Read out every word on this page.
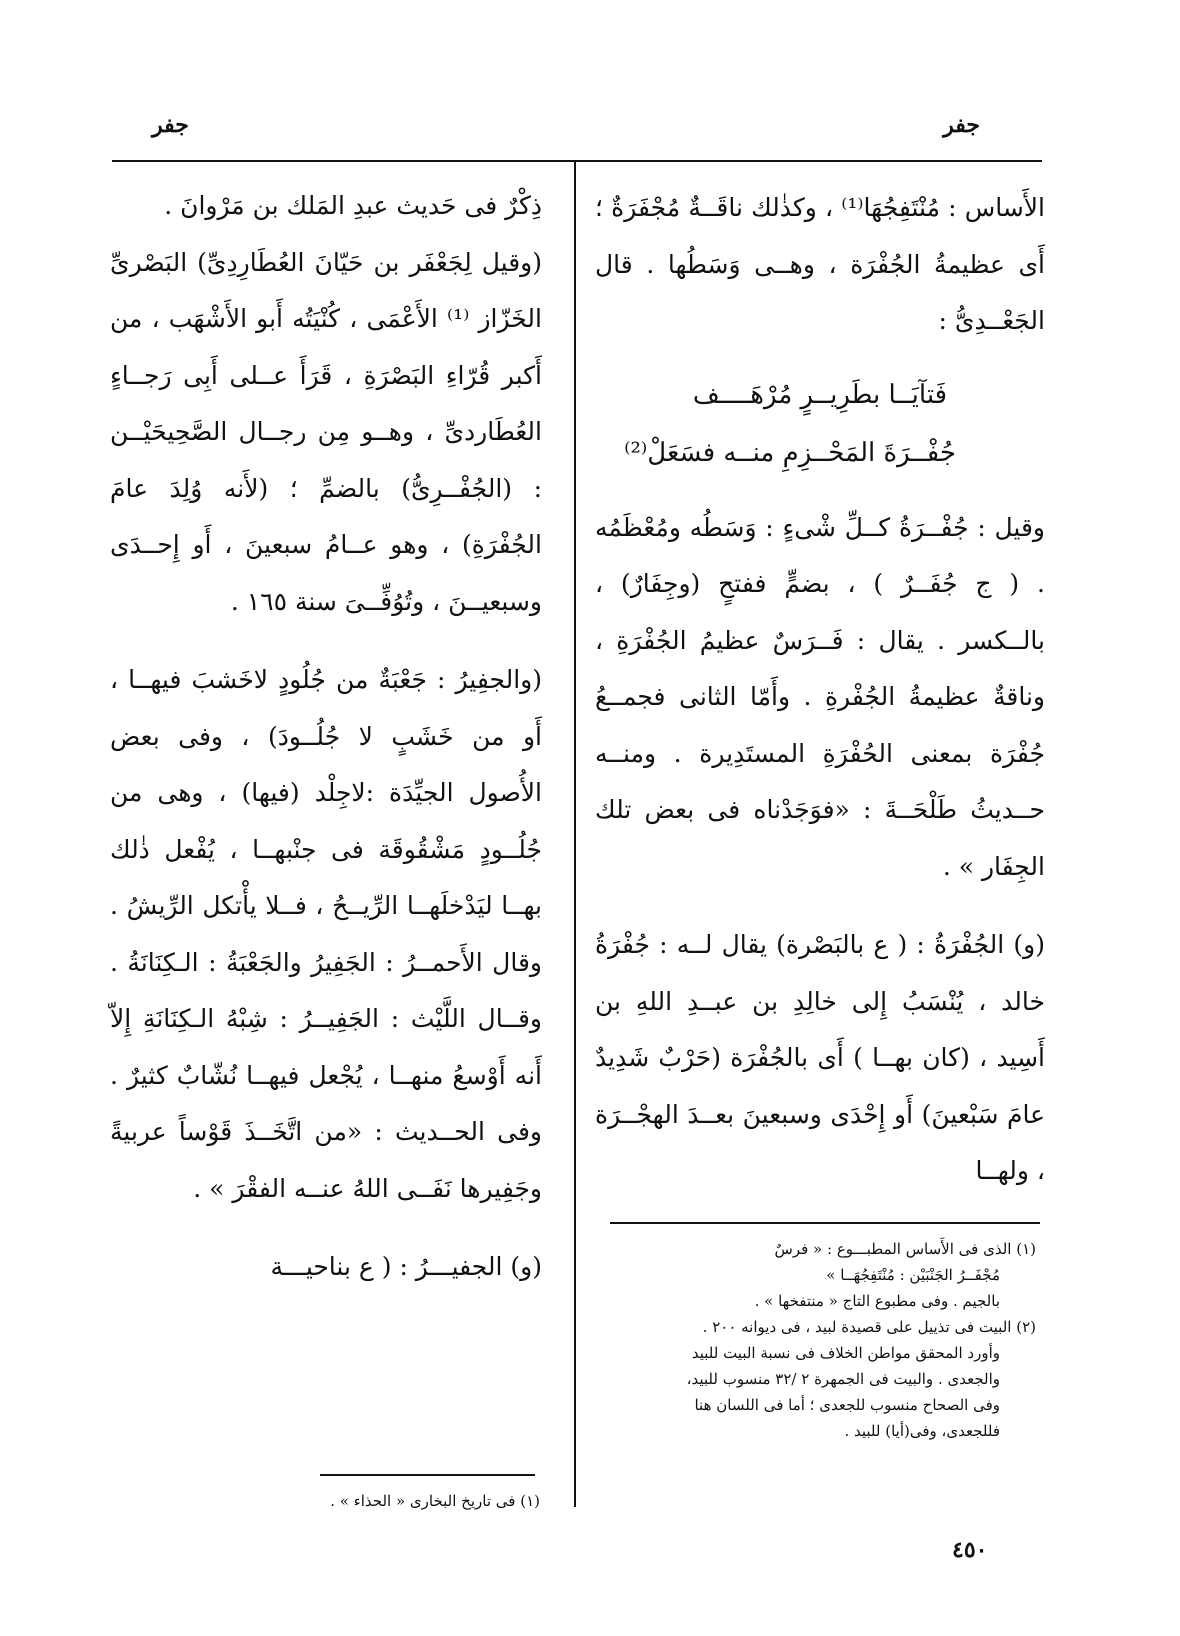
جفر
جفر

الأَساس : مُنْتَفِجُهَا⁽¹⁾ ، وكذٰلك ناقَــةٌ مُجْفَرَةٌ ؛ أَى عظيمةُ الجُفْرَة ، وهــى وَسَطُها . قال الجَعْــدِىُّ :

فَتآيَــا بطَرِيــرٍ مُرْهَــــف
جُفْــرَةَ المَحْــزِمِ منــه فسَعَلْ⁽²⁾

وقيل : جُفْــرَةُ كــلِّ شْىءٍ : وَسَطُه ومُعْظَمُه . ( ج جُفَــرٌ ) ، بضمٍّ ففتحٍ (وجِفَارٌ) ، بالــكسر . يقال : فَــرَسٌ عظيمُ الجُفْرَةِ ، وناقةٌ عظيمةُ الجُفْرةِ . وأَمّا الثانى فجمــعُ جُفْرَة بمعنى الحُفْرَةِ المستَدِيرة . ومنــه حــديثُ طَلْحَــةَ : «فوَجَدْناه فى بعض تلك الجِفَار » .

(و) الجُفْرَةُ : ( ع بالبَصْرة) يقال لــه : جُفْرَةُ خالد ، يُنْسَبُ إِلى خالِدِ بن عبــدِ اللهِ بن أَسِيد ، (كان بهــا ) أَى بالجُفْرَة (حَرْبٌ شَدِيدٌ عامَ سَبْعينَ) أَو إِحْدَى وسبعينَ بعــدَ الهجْــرَة ، ولهــا

ذِكْرٌ فى حَديث عبدِ المَلك بن مَرْوانَ .

(وقيل لِجَعْفَر بن حَيّانَ العُطَارِدِىِّ) البَصْرىِّ الخَزّاز ⁽¹⁾ الأَعْمَى ، كُنْيَتُه أَبو الأَشْهَب ، من أَكبر قُرّاءِ البَصْرَةِ ، قَرَأَ عــلى أَبِى رَجــاءٍ العُطَاردىِّ ، وهــو مِن رجــال الصَّحِيحَيْــن : (الجُفْــرِىُّ) بالضمِّ ؛ (لأَنه وُلِدَ عامَ الجُفْرَةِ) ، وهو عــامُ سبعينَ ، أَو إِحــدَى وسبعيــنَ ، وتُوُفِّــىَ سنة ١٦٥ .

(والجفِيرُ : جَعْبَةٌ من جُلُودٍ لاخَشبَ فيهــا ، أَو من خَشَبٍ لا جُلُــودَ) ، وفى بعض الأُصول الجيِّدَة :لاجِلْد (فيها) ، وهى من جُلُــودٍ مَشْقُوقَة فى جنْبهــا ، يُفْعل ذٰلك بهــا ليَدْخلَهــا الرِّيــحُ ، فــلا يأْتكل الرِّيشُ . وقال الأَحمــرُ : الجَفِيرُ والجَعْبَةُ : الـكِنَانَةُ . وقــال اللَّيْث : الجَفِيــرُ : شِبْهُ الـكِنَانَةِ إِلاّ أَنه أَوْسعُ منهــا ، يُجْعل فيهــا نُشّابٌ كثيرٌ . وفى الحــديث : «من اتَّخَــذَ قَوْساً عربيةً وجَفِيرها نَفَــى اللهُ عنــه الفقْرَ » .

(و) الجفيـــرُ : ( ع بناحيـــة

(١) الذى فى الأَساس المطبـــوع : « فرسٌ

مُجْفَــرُ الجَنْبَيْن : مُنْتَفِجُهَــا »

بالجيم . وفى مطبوع التاج « منتفخها » .

(٢) البيت فى تذييل على قصيدة لبيد ، فى ديوانه ٢٠٠ .

وأورد المحقق مواطن الخلاف فى نسبة البيت للبيد

والجعدى . والبيت فى الجمهرة ٢ /٣٢ منسوب للبيد،

وفى الصحاح منسوب للجعدى ؛ أما فى اللسان هنا

فللجعدى، وفى(أيا) للبيد .

(١) فى تاريخ البخارى « الحذاء » .

٤٥٠
